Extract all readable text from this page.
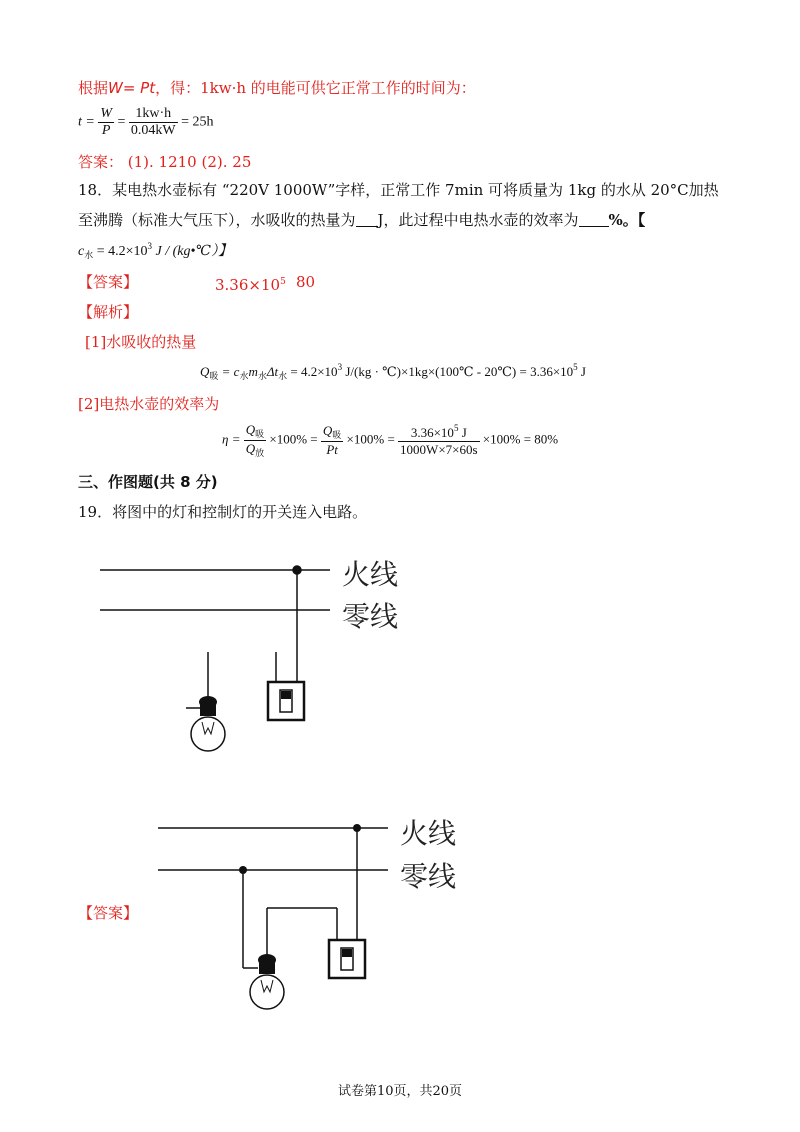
根据W= Pt，得：1kw·h 的电能可供它正常工作的时间为：
$t = \frac{W}{P} = \frac{1kw\cdot h}{0.04kW} = 25h$
答案： (1). 1210 (2). 25
18．某电热水壶标有 “220V 1000W”字样，正常工作 7min 可将质量为 1kg 的水从 20°C加热
至沸腾（标准大气压下），水吸收的热量为 J，此过程中电热水壶的效率为 %。【
$c_水 = 4.2\times 10^3$ J / (kg•℃）】
【答案】	$3.36\times 10^5$ 80
【解析】
[1]水吸收的热量
$Q_吸 = c_水m_水\Delta t_水 = 4.2\times 10^3$ J/(kg · ℃)×1kg×(100℃ - 20℃) = $3.36\times 10^5$ J
[2]电热水壶的效率为
$\eta = \frac{Q_吸}{Q_放} \times 100\% = \frac{Q_吸}{Pt} \times 100\% = \frac{3.36\times 10^5 J}{1000W\times 7\times 60s} \times 100\% = 80\%$
三、作图题(共 8 分)
19．将图中的灯和控制灯的开关连入电路。
火线
零线
火线
零线
【答案】
试卷第10页，共20页
